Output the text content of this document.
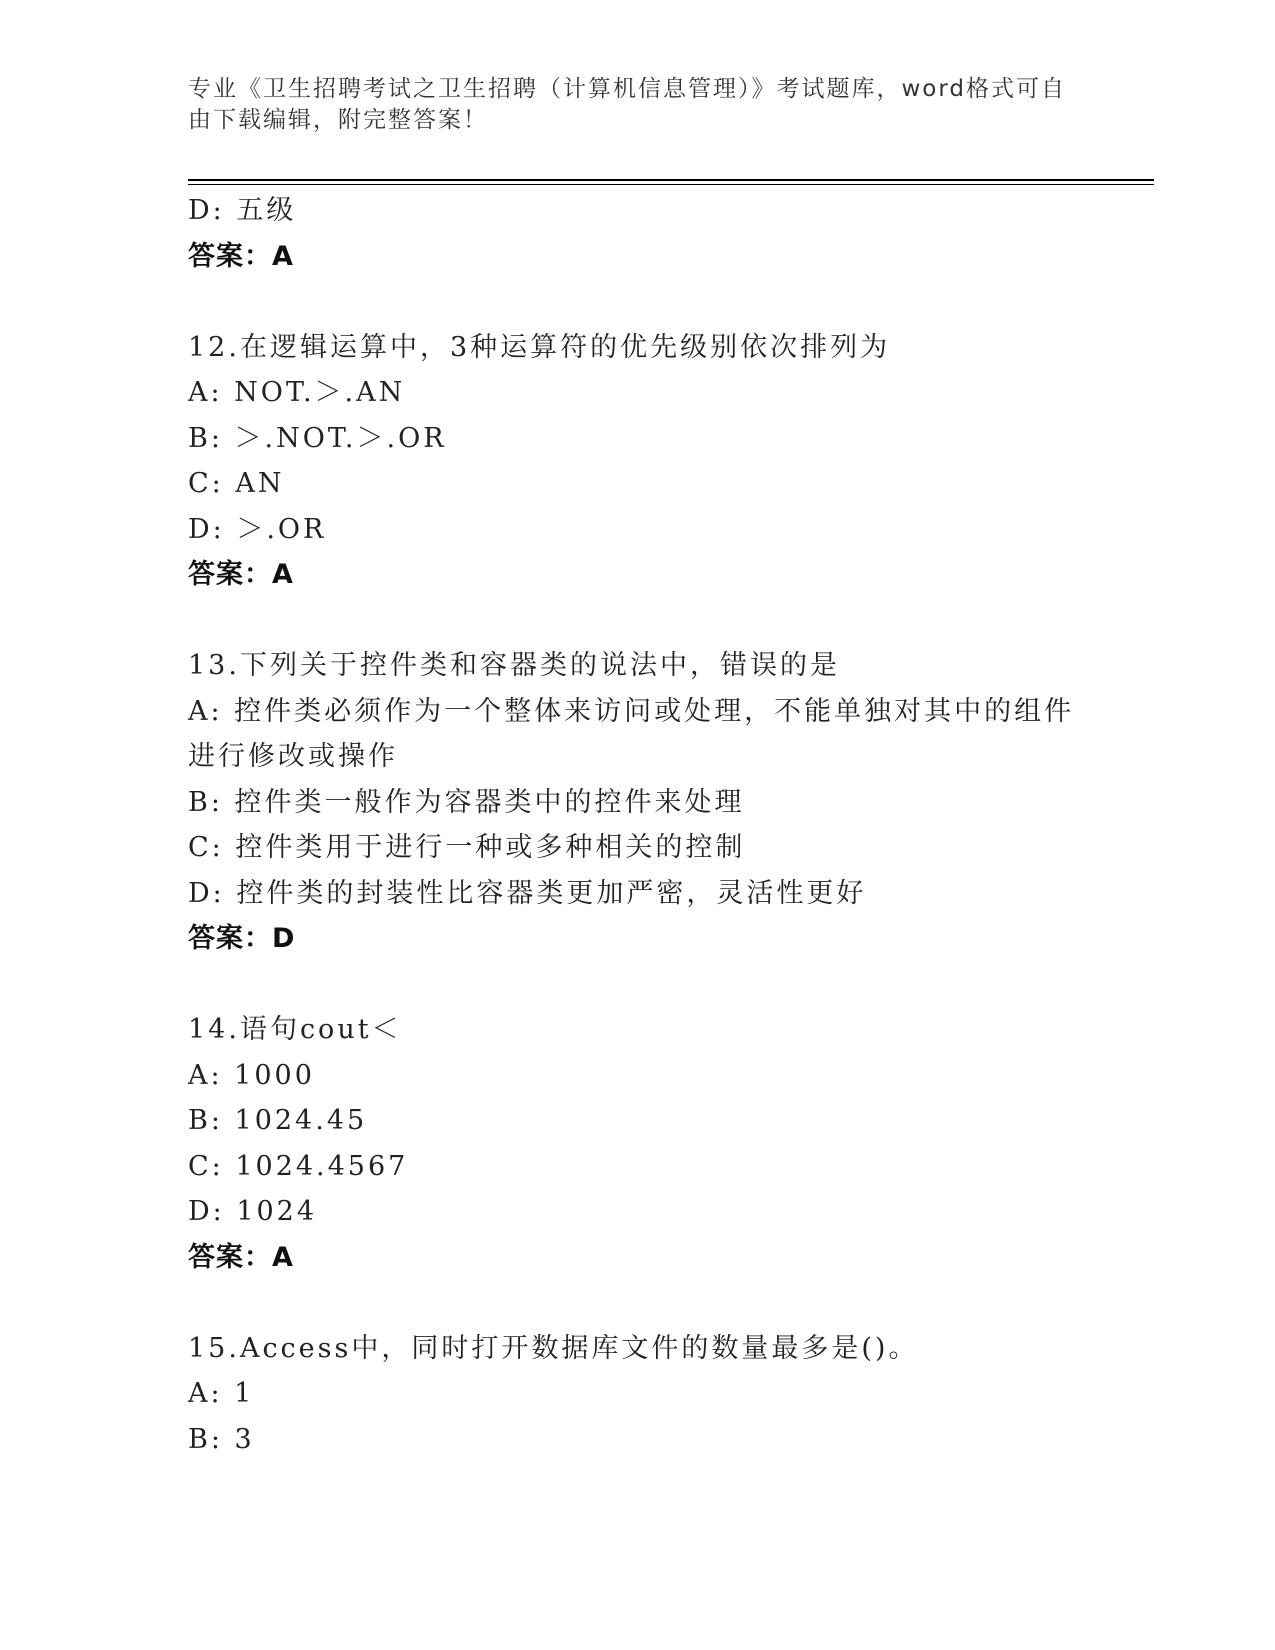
专业《卫生招聘考试之卫生招聘（计算机信息管理）》考试题库，word格式可自
由下载编辑，附完整答案！
D: 五级
答案：A
12.在逻辑运算中，3种运算符的优先级别依次排列为
A: NOT.＞.AN
B: ＞.NOT.＞.OR
C: AN
D: ＞.OR
答案：A
13.下列关于控件类和容器类的说法中，错误的是
A: 控件类必须作为一个整体来访问或处理，不能单独对其中的组件进行修改或操作
B: 控件类一般作为容器类中的控件来处理
C: 控件类用于进行一种或多种相关的控制
D: 控件类的封装性比容器类更加严密，灵活性更好
答案：D
14.语句cout＜
A: 1000
B: 1024.45
C: 1024.4567
D: 1024
答案：A
15.Access中，同时打开数据库文件的数量最多是()。
A: 1
B: 3
